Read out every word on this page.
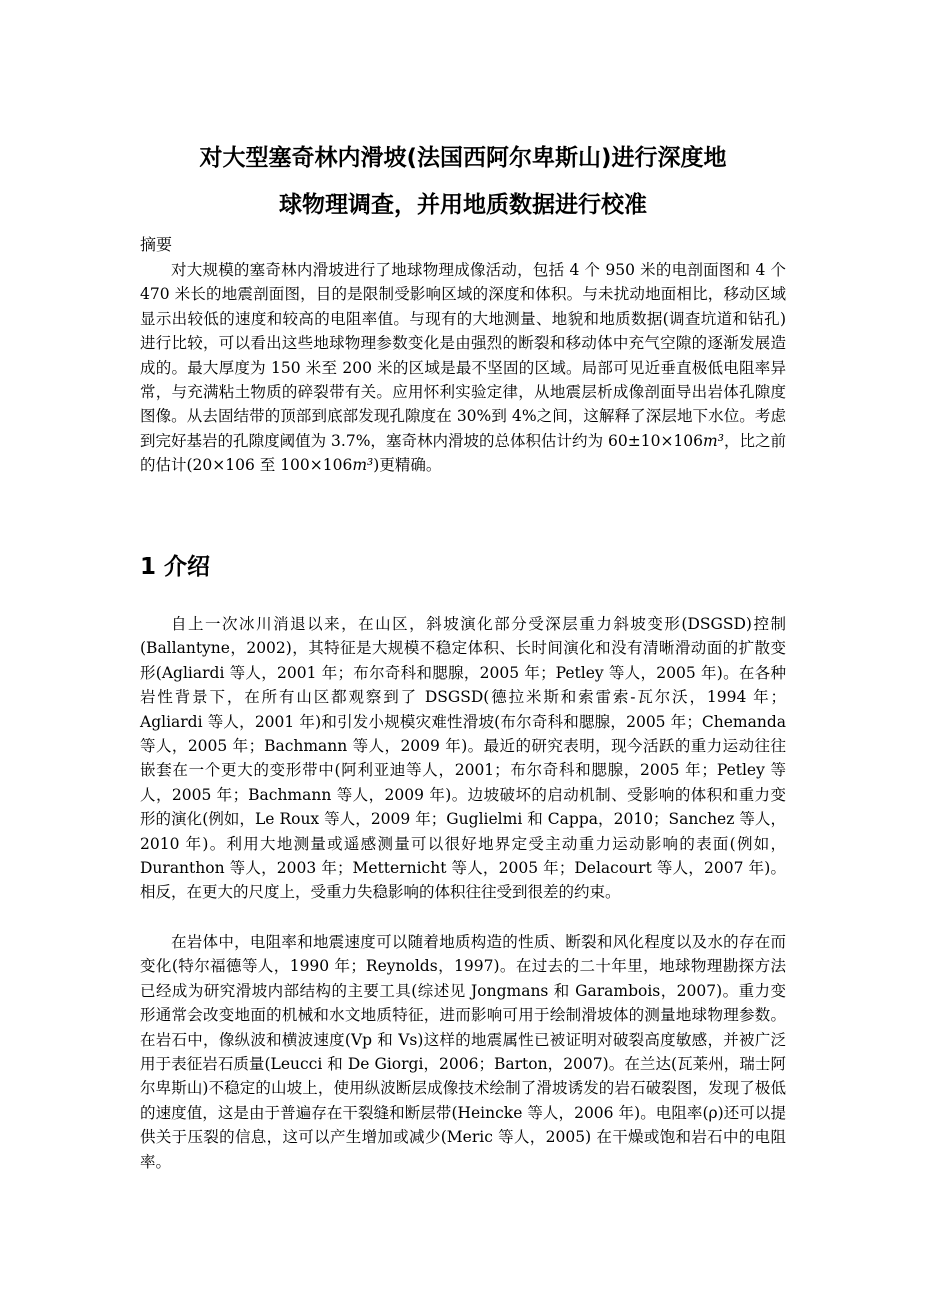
对大型塞奇林内滑坡(法国西阿尔卑斯山)进行深度地
球物理调查，并用地质数据进行校准
摘要

对大规模的塞奇林内滑坡进行了地球物理成像活动，包括 4 个 950 米的电剖面图和 4 个 470 米长的地震剖面图，目的是限制受影响区域的深度和体积。与未扰动地面相比，移动区域显示出较低的速度和较高的电阻率值。与现有的大地测量、地貌和地质数据(调查坑道和钻孔)进行比较，可以看出这些地球物理参数变化是由强烈的断裂和移动体中充气空隙的逐渐发展造成的。最大厚度为 150 米至 200 米的区域是最不坚固的区域。局部可见近垂直极低电阻率异常，与充满粘土物质的碎裂带有关。应用怀利实验定律，从地震层析成像剖面导出岩体孔隙度图像。从去固结带的顶部到底部发现孔隙度在 30%到 4%之间，这解释了深层地下水位。考虑到完好基岩的孔隙度阈值为 3.7%，塞奇林内滑坡的总体积估计约为 60±10×106m³，比之前的估计(20×106 至 100×106m³)更精确。

1 介绍

自上一次冰川消退以来，在山区，斜坡演化部分受深层重力斜坡变形(DSGSD)控制(Ballantyne，2002)，其特征是大规模不稳定体积、长时间演化和没有清晰滑动面的扩散变形(Agliardi 等人，2001 年；布尔奇科和腮腺，2005 年；Petley 等人，2005 年)。在各种岩性背景下，在所有山区都观察到了 DSGSD(德拉米斯和索雷索-瓦尔沃，1994 年；Agliardi 等人，2001 年)和引发小规模灾难性滑坡(布尔奇科和腮腺，2005 年；Chemanda 等人，2005 年；Bachmann 等人，2009 年)。最近的研究表明，现今活跃的重力运动往往嵌套在一个更大的变形带中(阿利亚迪等人，2001；布尔奇科和腮腺，2005 年；Petley 等人，2005 年；Bachmann 等人，2009 年)。边坡破坏的启动机制、受影响的体积和重力变形的演化(例如，Le Roux 等人，2009 年；Guglielmi 和 Cappa，2010；Sanchez 等人，2010 年)。利用大地测量或遥感测量可以很好地界定受主动重力运动影响的表面(例如，Duranthon 等人，2003 年；Metternicht 等人，2005 年；Delacourt 等人，2007 年)。相反，在更大的尺度上，受重力失稳影响的体积往往受到很差的约束。

在岩体中，电阻率和地震速度可以随着地质构造的性质、断裂和风化程度以及水的存在而变化(特尔福德等人，1990 年；Reynolds，1997)。在过去的二十年里，地球物理勘探方法已经成为研究滑坡内部结构的主要工具(综述见 Jongmans 和 Garambois，2007)。重力变形通常会改变地面的机械和水文地质特征，进而影响可用于绘制滑坡体的测量地球物理参数。在岩石中，像纵波和横波速度(Vp 和 Vs)这样的地震属性已被证明对破裂高度敏感，并被广泛用于表征岩石质量(Leucci 和 De Giorgi，2006；Barton，2007)。在兰达(瓦莱州，瑞士阿尔卑斯山)不稳定的山坡上，使用纵波断层成像技术绘制了滑坡诱发的岩石破裂图，发现了极低的速度值，这是由于普遍存在干裂缝和断层带(Heincke 等人，2006 年)。电阻率(ρ)还可以提供关于压裂的信息，这可以产生增加或减少(Meric 等人，2005) 在干燥或饱和岩石中的电阻率。
